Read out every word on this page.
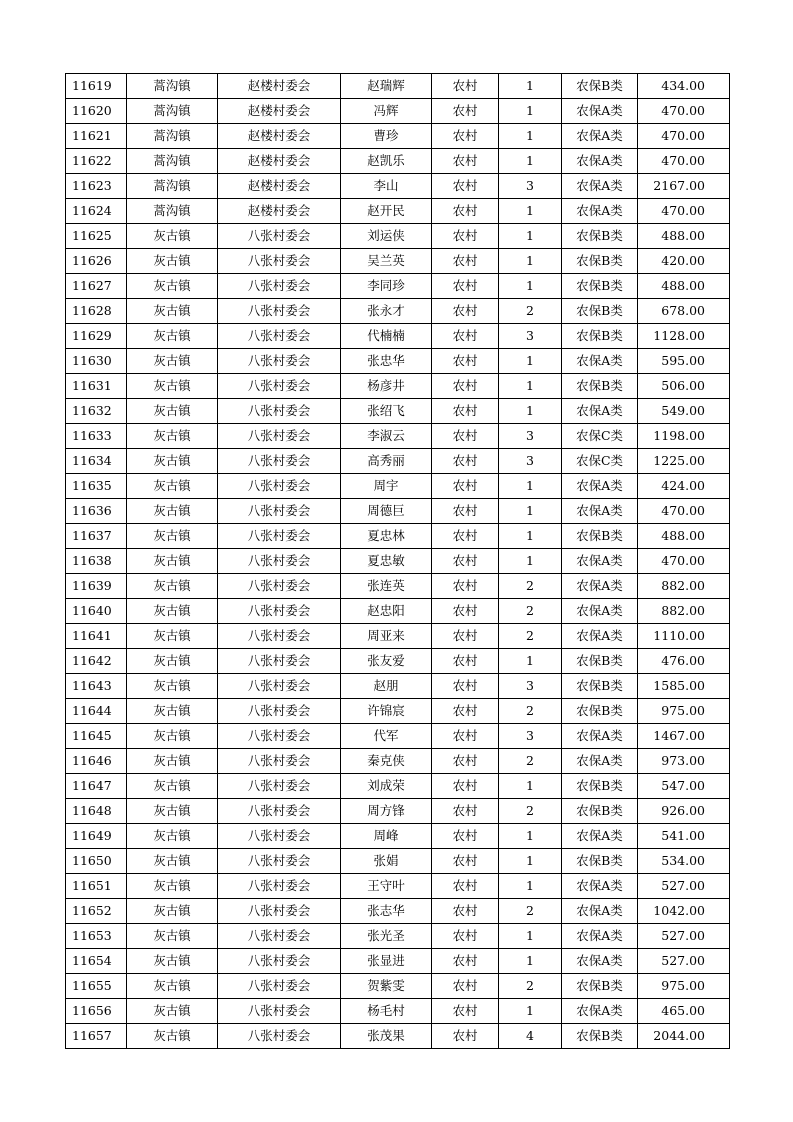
11619	蒿沟镇	赵楼村委会	赵瑞辉	农村	1	农保B类	434.00
11620	蒿沟镇	赵楼村委会	冯辉	农村	1	农保A类	470.00
11621	蒿沟镇	赵楼村委会	曹珍	农村	1	农保A类	470.00
11622	蒿沟镇	赵楼村委会	赵凯乐	农村	1	农保A类	470.00
11623	蒿沟镇	赵楼村委会	李山	农村	3	农保A类	2167.00
11624	蒿沟镇	赵楼村委会	赵开民	农村	1	农保A类	470.00
11625	灰古镇	八张村委会	刘运侠	农村	1	农保B类	488.00
11626	灰古镇	八张村委会	吴兰英	农村	1	农保B类	420.00
11627	灰古镇	八张村委会	李同珍	农村	1	农保B类	488.00
11628	灰古镇	八张村委会	张永才	农村	2	农保B类	678.00
11629	灰古镇	八张村委会	代楠楠	农村	3	农保B类	1128.00
11630	灰古镇	八张村委会	张忠华	农村	1	农保A类	595.00
11631	灰古镇	八张村委会	杨彦井	农村	1	农保B类	506.00
11632	灰古镇	八张村委会	张绍飞	农村	1	农保A类	549.00
11633	灰古镇	八张村委会	李淑云	农村	3	农保C类	1198.00
11634	灰古镇	八张村委会	高秀丽	农村	3	农保C类	1225.00
11635	灰古镇	八张村委会	周宇	农村	1	农保A类	424.00
11636	灰古镇	八张村委会	周德巨	农村	1	农保A类	470.00
11637	灰古镇	八张村委会	夏忠林	农村	1	农保B类	488.00
11638	灰古镇	八张村委会	夏忠敏	农村	1	农保A类	470.00
11639	灰古镇	八张村委会	张连英	农村	2	农保A类	882.00
11640	灰古镇	八张村委会	赵忠阳	农村	2	农保A类	882.00
11641	灰古镇	八张村委会	周亚来	农村	2	农保A类	1110.00
11642	灰古镇	八张村委会	张友爱	农村	1	农保B类	476.00
11643	灰古镇	八张村委会	赵朋	农村	3	农保B类	1585.00
11644	灰古镇	八张村委会	许锦宸	农村	2	农保B类	975.00
11645	灰古镇	八张村委会	代军	农村	3	农保A类	1467.00
11646	灰古镇	八张村委会	秦克侠	农村	2	农保A类	973.00
11647	灰古镇	八张村委会	刘成荣	农村	1	农保B类	547.00
11648	灰古镇	八张村委会	周方锋	农村	2	农保B类	926.00
11649	灰古镇	八张村委会	周峰	农村	1	农保A类	541.00
11650	灰古镇	八张村委会	张娟	农村	1	农保B类	534.00
11651	灰古镇	八张村委会	王守叶	农村	1	农保A类	527.00
11652	灰古镇	八张村委会	张志华	农村	2	农保A类	1042.00
11653	灰古镇	八张村委会	张光圣	农村	1	农保A类	527.00
11654	灰古镇	八张村委会	张显进	农村	1	农保A类	527.00
11655	灰古镇	八张村委会	贺紫雯	农村	2	农保B类	975.00
11656	灰古镇	八张村委会	杨毛村	农村	1	农保A类	465.00
11657	灰古镇	八张村委会	张茂果	农村	4	农保B类	2044.00
